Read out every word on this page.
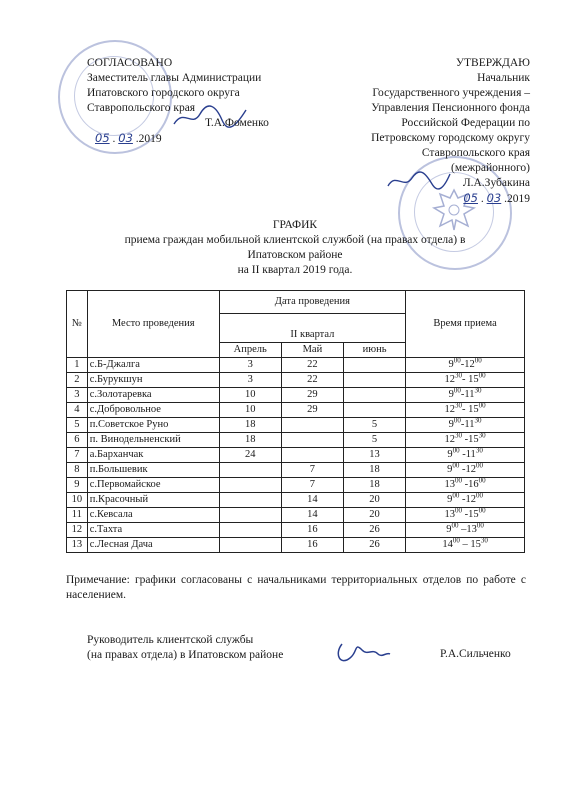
СОГЛАСОВАНО
Заместитель главы Администрации
Ипатовского городского округа
Ставропольского края
Т.А.Фоменко
05 . 03 .2019
УТВЕРЖДАЮ
Начальник
Государственного учреждения –
Управления Пенсионного фонда
Российской Федерации по
Петровскому городскому округу
Ставропольского края
(межрайонного)
Л.А.Зубакина
05 . 03 .2019
ГРАФИК
приема граждан мобильной клиентской службой (на правах отдела) в
Ипатовском районе
на II квартал 2019 года.
№	Место проведения	Дата проведения			Время приема
		II квартал			
		Апрель	Май	июнь	
1	с.Б-Джалга	3	22		$9^{00}-12^{00}$
2	с.Бурукшун	3	22		$12^{30}-$ $15^{00}$
3	с.Золотаревка	10	29		$9^{00}-11^{30}$
4	с.Добровольное	10	29		$12^{30}-$ $15^{00}$
5	п.Советское Руно	18		5	$9^{00}-11^{30}$
6	п. Винодельненский	18		5	$12^{30}$ $-15^{30}$
7	а.Барханчак	24		13	$9^{00}$ $-11^{30}$
8	п.Большевик		7	18	$9^{00}$ $-12^{00}$
9	с.Первомайское		7	18	$13^{00}$ $-16^{00}$
10	п.Красочный		14	20	$9^{00}$ $-12^{00}$
11	с.Кевсала		14	20	$13^{00}$ $-15^{00}$
12	с.Тахта		16	26	$9^{00}$ $-13^{00}$
13	с.Лесная Дача		16	26	$14^{00} - 15^{30}$
Примечание: графики согласованы с начальниками территориальных отделов по работе с населением.
Руководитель клиентской службы
(на правах отдела) в Ипатовском районе	Р.А.Сильченко
